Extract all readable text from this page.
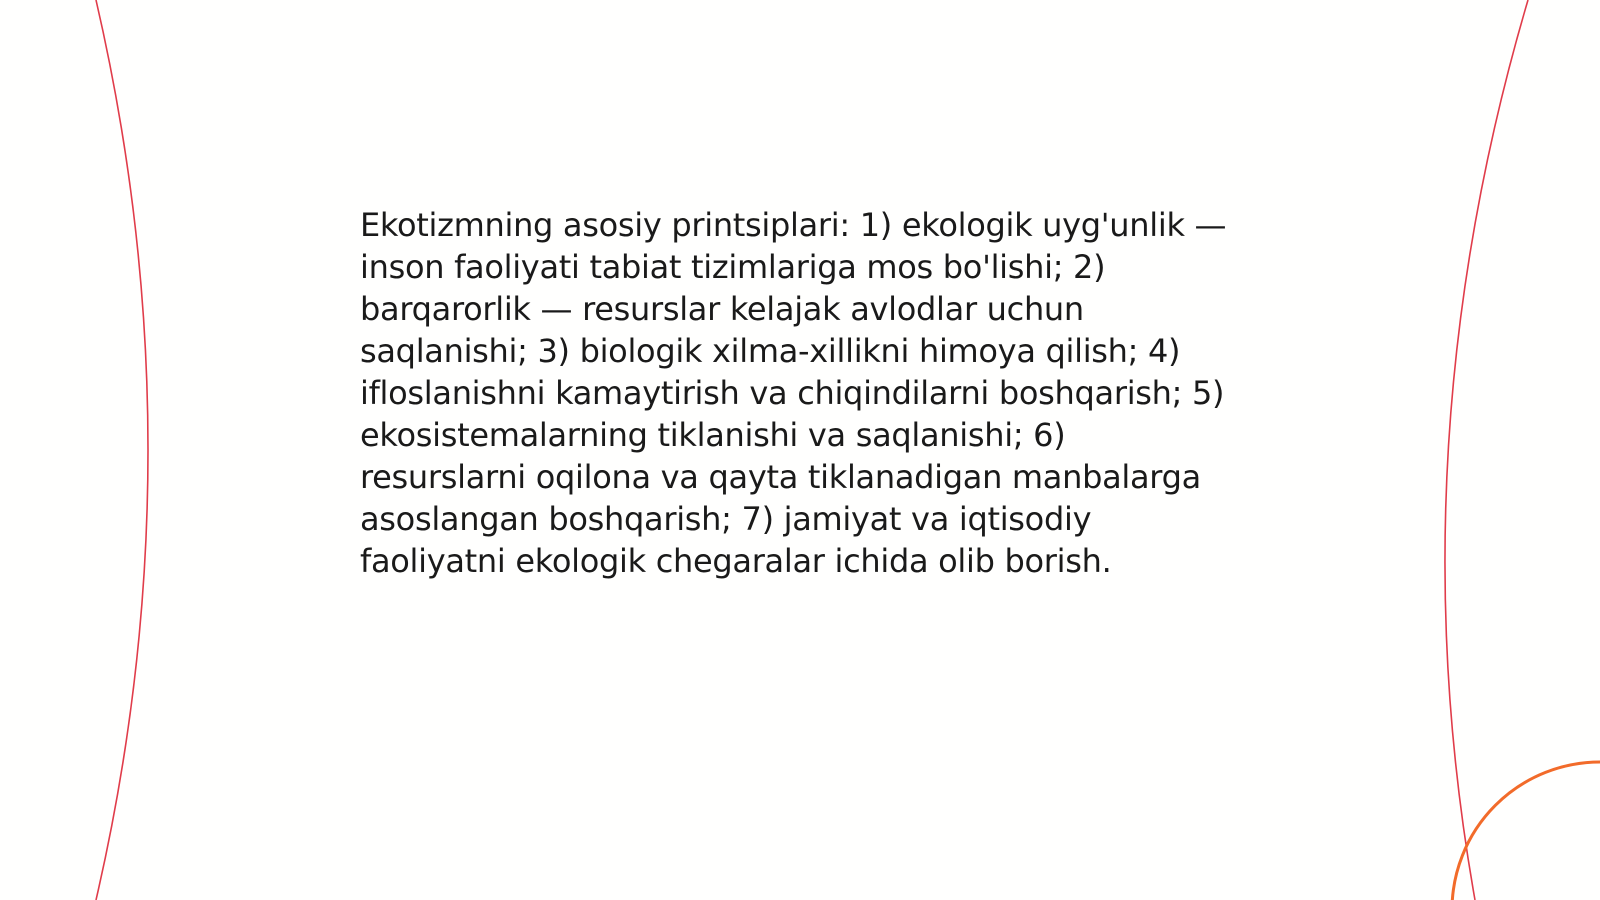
Ekotizmning asosiy printsiplari: 1) ekologik uyg'unlik — inson faoliyati tabiat tizimlariga mos bo'lishi; 2) barqarorlik — resurslar kelajak avlodlar uchun saqlanishi; 3) biologik xilma-xillikni himoya qilish; 4) ifloslanishni kamaytirish va chiqindilarni boshqarish; 5) ekosistemalarning tiklanishi va saqlanishi; 6) resurslarni oqilona va qayta tiklanadigan manbalarga asoslangan boshqarish; 7) jamiyat va iqtisodiy faoliyatni ekologik chegaralar ichida olib borish.
